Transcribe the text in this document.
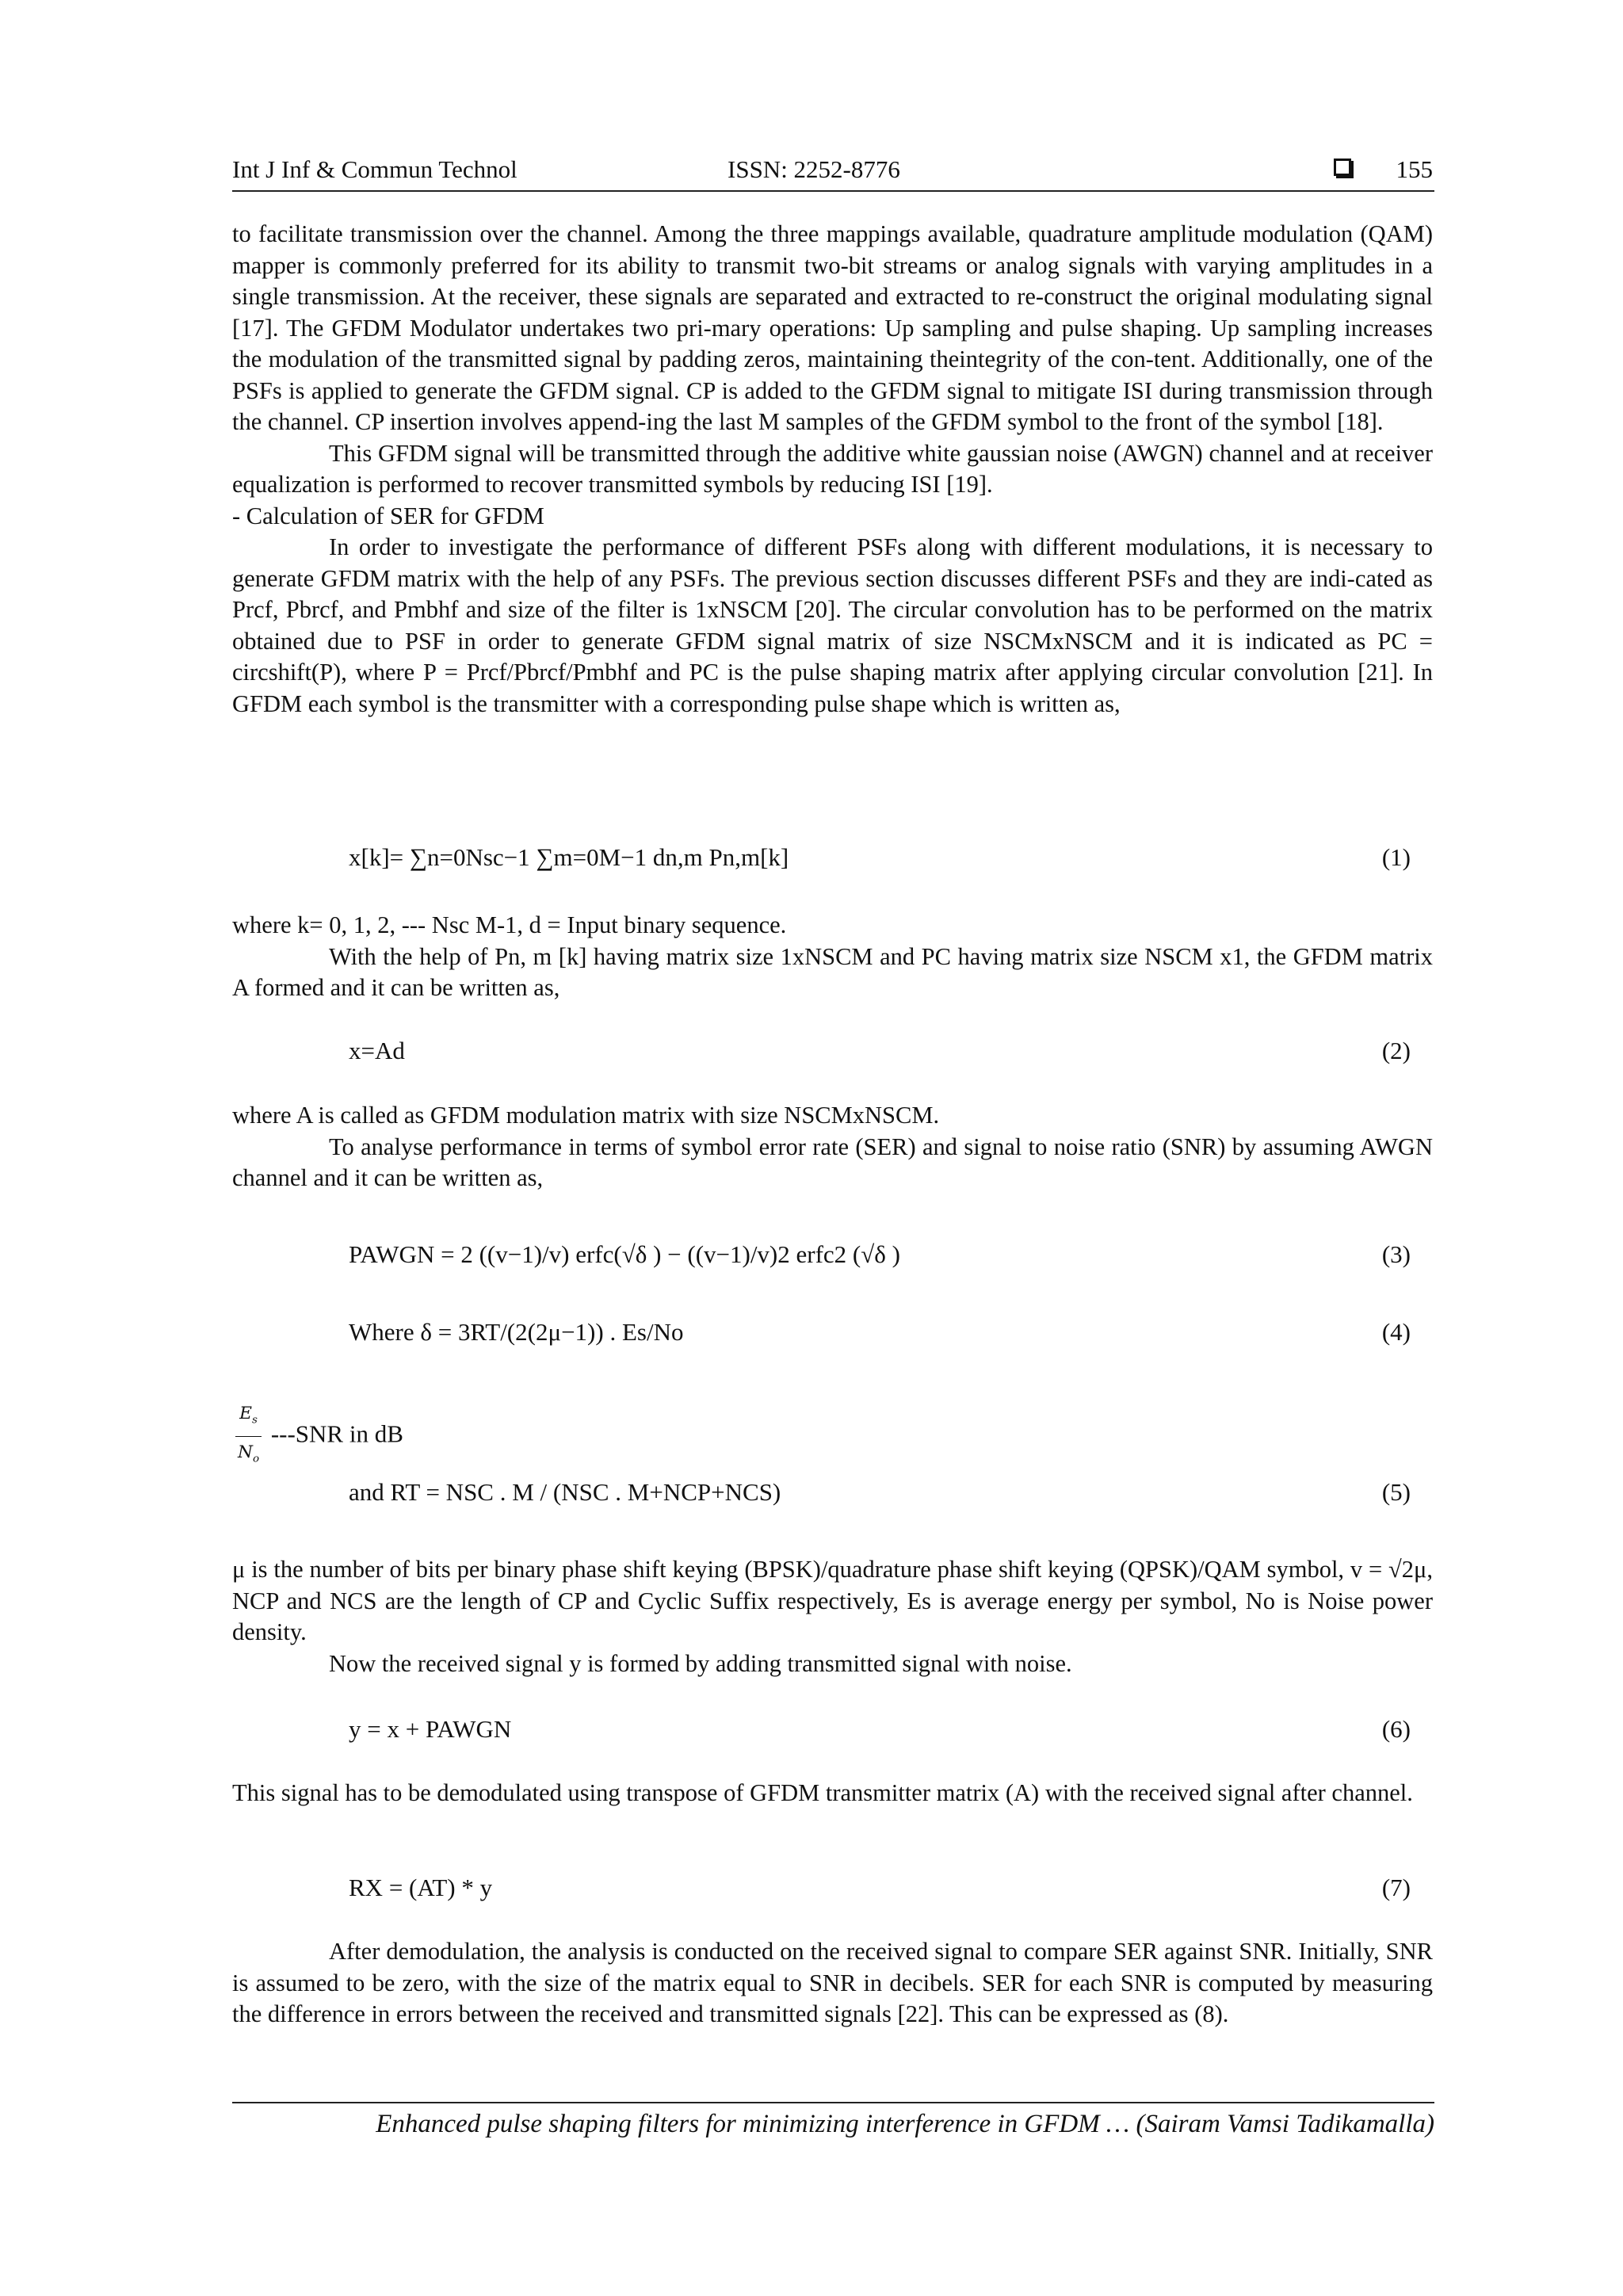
Int J Inf & Commun Technol	ISSN: 2252-8776	155

to facilitate transmission over the channel. Among the three mappings available, quadrature amplitude modulation (QAM) mapper is commonly preferred for its ability to transmit two-bit streams or analog signals with varying amplitudes in a single transmission. At the receiver, these signals are separated and extracted to re-construct the original modulating signal [17]. The GFDM Modulator undertakes two pri-mary operations: Up sampling and pulse shaping. Up sampling increases the modulation of the transmitted signal by padding zeros, maintaining theintegrity of the con-tent. Additionally, one of the PSFs is applied to generate the GFDM signal. CP is added to the GFDM signal to mitigate ISI during transmission through the channel. CP insertion involves append-ing the last M samples of the GFDM symbol to the front of the symbol [18].

This GFDM signal will be transmitted through the additive white gaussian noise (AWGN) channel and at receiver equalization is performed to recover transmitted symbols by reducing ISI [19].

- Calculation of SER for GFDM

In order to investigate the performance of different PSFs along with different modulations, it is necessary to generate GFDM matrix with the help of any PSFs. The previous section discusses different PSFs and they are indi-cated as Prcf, Pbrcf, and Pmbhf and size of the filter is 1xNSCM [20]. The circular convolution has to be performed on the matrix obtained due to PSF in order to generate GFDM signal matrix of size NSCMxNSCM and it is indicated as PC = circshift(P), where P = Prcf/Pbrcf/Pmbhf and PC is the pulse shaping matrix after applying circular convolution [21]. In GFDM each symbol is the transmitter with a corresponding pulse shape which is written as,

x[k]= ∑n=0Nsc−1 ∑m=0M−1 dn,m Pn,m[k]	(1)

where k= 0, 1, 2, --- Nsc M-1, d = Input binary sequence.

With the help of Pn, m [k] having matrix size 1xNSCM and PC having matrix size NSCM x1, the GFDM matrix A formed and it can be written as,

x=Ad	(2)

where A is called as GFDM modulation matrix with size NSCMxNSCM.

To analyse performance in terms of symbol error rate (SER) and signal to noise ratio (SNR) by assuming AWGN channel and it can be written as,

PAWGN = 2 ((v−1)/v) erfc(√δ ) − ((v−1)/v)2 erfc2 (√δ )	(3)
Where δ = 3RT/(2(2μ−1)) . Es/No	(4)
$\frac{E_s}{N_o} ---SNR$ in dB
and RT = NSC . M / (NSC . M+NCP+NCS)	(5)

μ is the number of bits per binary phase shift keying (BPSK)/quadrature phase shift keying (QPSK)/QAM symbol, v = √2μ, NCP and NCS are the length of CP and Cyclic Suffix respectively, Es is average energy per symbol, No is Noise power density.

Now the received signal y is formed by adding transmitted signal with noise.

y = x + PAWGN	(6)

This signal has to be demodulated using transpose of GFDM transmitter matrix (A) with the received signal after channel.

RX = (AT) * y	(7)

After demodulation, the analysis is conducted on the received signal to compare SER against SNR. Initially, SNR is assumed to be zero, with the size of the matrix equal to SNR in decibels. SER for each SNR is computed by measuring the difference in errors between the received and transmitted signals [22]. This can be expressed as (8).

Enhanced pulse shaping filters for minimizing interference in GFDM … (Sairam Vamsi Tadikamalla)
